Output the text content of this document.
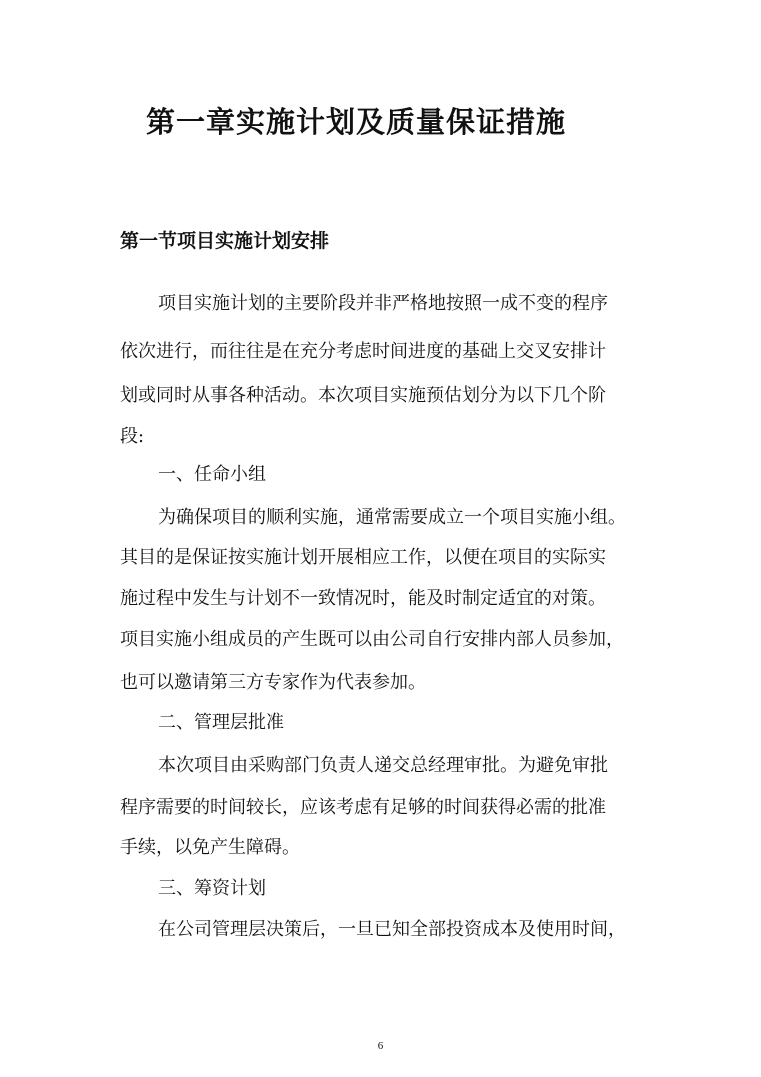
第一章实施计划及质量保证措施
第一节项目实施计划安排

项目实施计划的主要阶段并非严格地按照一成不变的程序

依次进行，而往往是在充分考虑时间进度的基础上交叉安排计

划或同时从事各种活动。本次项目实施预估划分为以下几个阶

段:

一、任命小组

为确保项目的顺利实施，通常需要成立一个项目实施小组。

其目的是保证按实施计划开展相应工作，以便在项目的实际实

施过程中发生与计划不一致情况时，能及时制定适宜的对策。

项目实施小组成员的产生既可以由公司自行安排内部人员参加，

也可以邀请第三方专家作为代表参加。

二、管理层批准

本次项目由采购部门负责人递交总经理审批。为避免审批

程序需要的时间较长，应该考虑有足够的时间获得必需的批准

手续，以免产生障碍。

三、筹资计划

在公司管理层决策后，一旦已知全部投资成本及使用时间，

6
